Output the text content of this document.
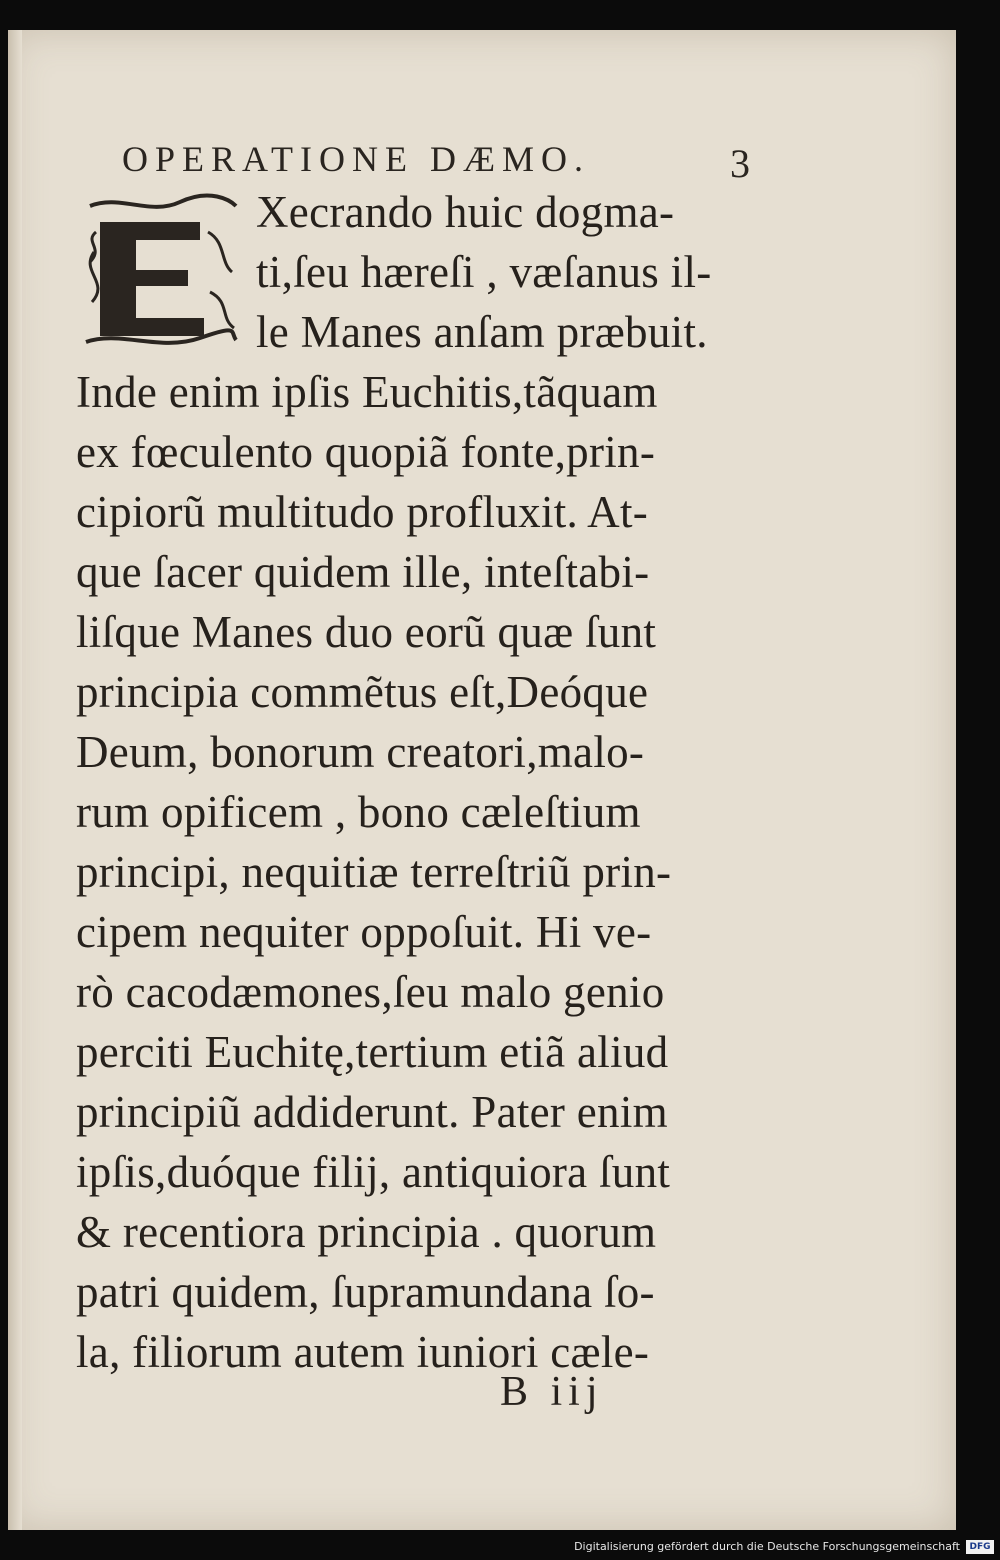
OPERATIONE DÆMO.	3
Xecrando huic dogma-
ti,ſeu hæreſi , væſanus il-
le Manes anſam præbuit.
Inde enim ipſis Euchitis,tãquam
ex fœculento quopiã fonte,prin-
cipiorũ multitudo profluxit. At-
que ſacer quidem ille, inteſtabi-
liſque Manes duo eorũ quæ ſunt
principia commẽtus eſt,Deóque
Deum, bonorum creatori,malo-
rum opificem , bono cæleſtium
principi, nequitiæ terreſtriũ prin-
cipem nequiter oppoſuit. Hi ve-
rò cacodæmones,ſeu malo genio
perciti Euchitę,tertium etiã aliud
principiũ addiderunt. Pater enim
ipſis,duóque filij, antiquiora ſunt
& recentiora principia . quorum
patri quidem, ſupramundana ſo-
la, filiorum autem iuniori cæle-
B iij
Digitalisierung gefördert durch die Deutsche Forschungsgemeinschaft	DFG
